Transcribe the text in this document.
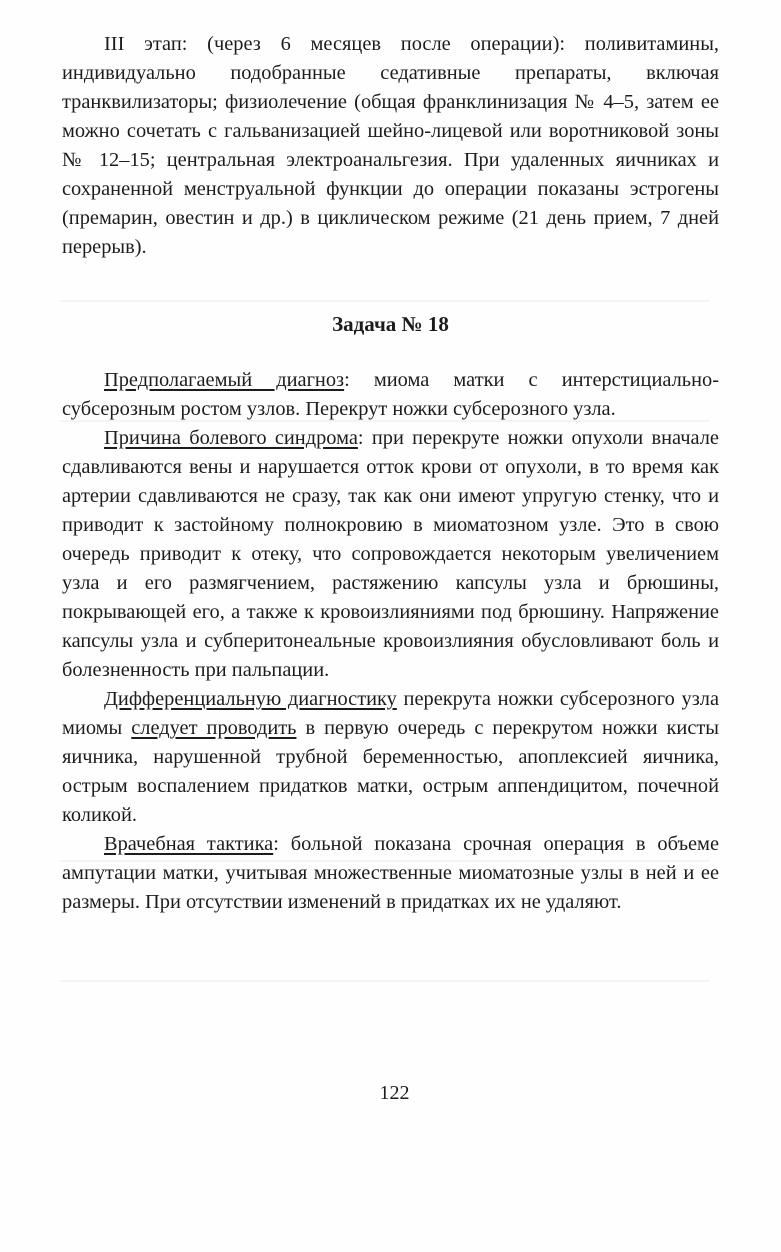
III этап: (через 6 месяцев после операции): поливитамины, индивидуально подобранные седативные препараты, включая транквилизаторы; физиолечение (общая франклинизация № 4–5, затем ее можно сочетать с гальванизацией шейно-лицевой или воротниковой зоны № 12–15; центральная электроанальгезия. При удаленных яичниках и сохраненной менструальной функции до операции показаны эстрогены (премарин, овестин и др.) в циклическом режиме (21 день прием, 7 дней перерыв).

Задача № 18

Предполагаемый диагноз: миома матки с интерстициально-субсерозным ростом узлов. Перекрут ножки субсерозного узла.

Причина болевого синдрома: при перекруте ножки опухоли вначале сдавливаются вены и нарушается отток крови от опухоли, в то время как артерии сдавливаются не сразу, так как они имеют упругую стенку, что и приводит к застойному полнокровию в миоматозном узле. Это в свою очередь приводит к отеку, что сопровождается некоторым увеличением узла и его размягчением, растяжению капсулы узла и брюшины, покрывающей его, а также к кровоизлияниями под брюшину. Напряжение капсулы узла и субперитонеальные кровоизлияния обусловливают боль и болезненность при пальпации.

Дифференциальную диагностику перекрута ножки субсерозного узла миомы следует проводить в первую очередь с перекрутом ножки кисты яичника, нарушенной трубной беременностью, апоплексией яичника, острым воспалением придатков матки, острым аппендицитом, почечной коликой.

Врачебная тактика: больной показана срочная операция в объеме ампутации матки, учитывая множественные миоматозные узлы в ней и ее размеры. При отсутствии изменений в придатках их не удаляют.

122
